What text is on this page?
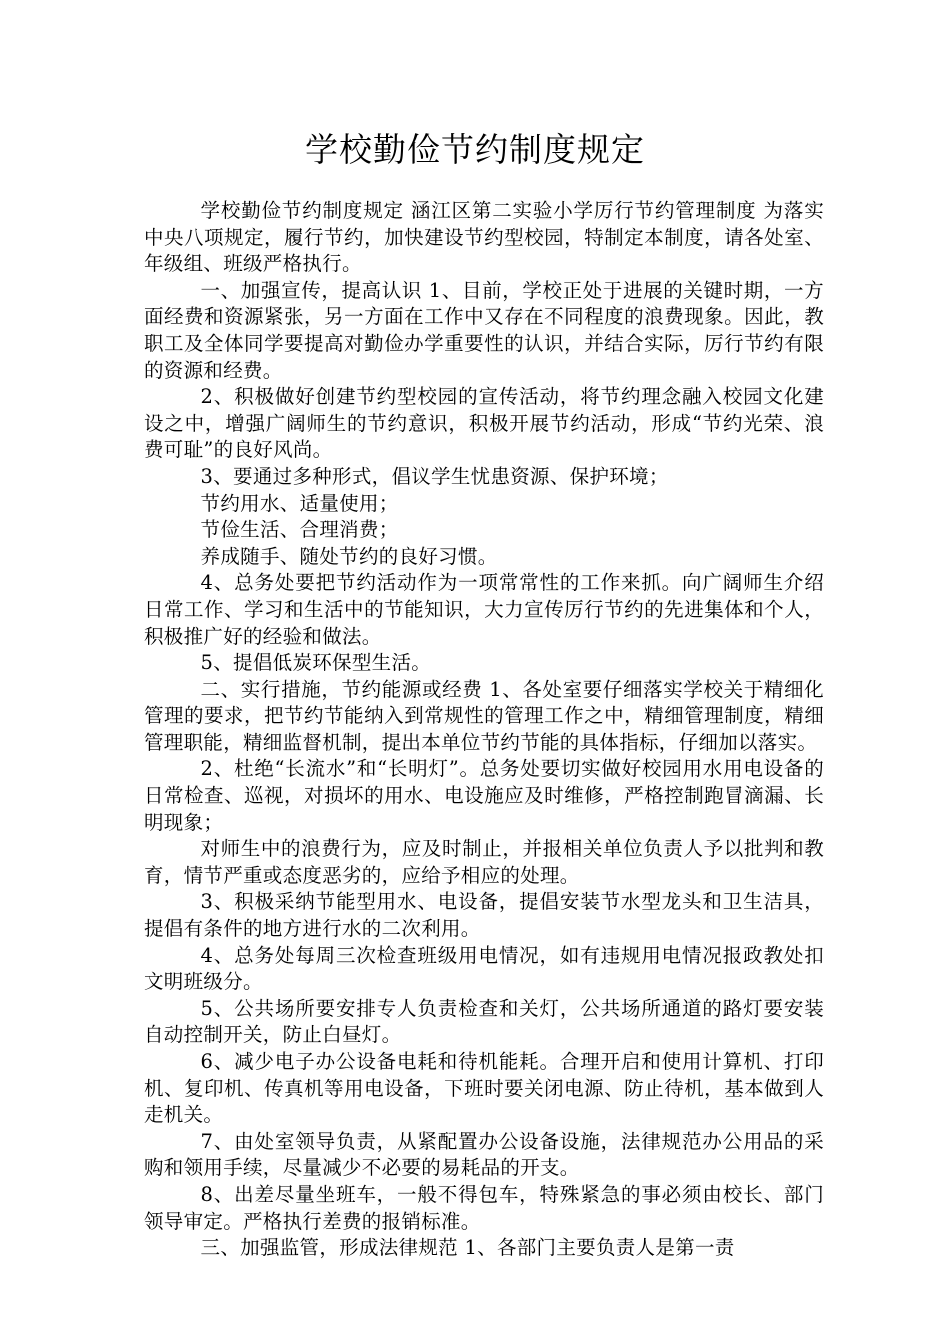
学校勤俭节约制度规定

学校勤俭节约制度规定 涵江区第二实验小学厉行节约管理制度 为落实中央八项规定，履行节约，加快建设节约型校园，特制定本制度，请各处室、年级组、班级严格执行。

一、加强宣传，提高认识 1、目前，学校正处于进展的关键时期，一方面经费和资源紧张，另一方面在工作中又存在不同程度的浪费现象。因此，教职工及全体同学要提高对勤俭办学重要性的认识，并结合实际，厉行节约有限的资源和经费。

2、积极做好创建节约型校园的宣传活动，将节约理念融入校园文化建设之中，增强广阔师生的节约意识，积极开展节约活动，形成“节约光荣、浪费可耻”的良好风尚。

3、要通过多种形式，倡议学生忧患资源、保护环境；

节约用水、适量使用；

节俭生活、合理消费；

养成随手、随处节约的良好习惯。

4、总务处要把节约活动作为一项常常性的工作来抓。向广阔师生介绍日常工作、学习和生活中的节能知识，大力宣传厉行节约的先进集体和个人，积极推广好的经验和做法。

5、提倡低炭环保型生活。

二、实行措施，节约能源或经费 1、各处室要仔细落实学校关于精细化管理的要求，把节约节能纳入到常规性的管理工作之中，精细管理制度，精细管理职能，精细监督机制，提出本单位节约节能的具体指标，仔细加以落实。

2、杜绝“长流水”和“长明灯”。总务处要切实做好校园用水用电设备的日常检查、巡视，对损坏的用水、电设施应及时维修，严格控制跑冒滴漏、长明现象；

对师生中的浪费行为，应及时制止，并报相关单位负责人予以批判和教育，情节严重或态度恶劣的，应给予相应的处理。

3、积极采纳节能型用水、电设备，提倡安装节水型龙头和卫生洁具，提倡有条件的地方进行水的二次利用。

4、总务处每周三次检查班级用电情况，如有违规用电情况报政教处扣文明班级分。

5、公共场所要安排专人负责检查和关灯，公共场所通道的路灯要安装自动控制开关，防止白昼灯。

6、减少电子办公设备电耗和待机能耗。合理开启和使用计算机、打印机、复印机、传真机等用电设备，下班时要关闭电源、防止待机，基本做到人走机关。

7、由处室领导负责，从紧配置办公设备设施，法律规范办公用品的采购和领用手续，尽量减少不必要的易耗品的开支。

8、出差尽量坐班车，一般不得包车，特殊紧急的事必须由校长、部门领导审定。严格执行差费的报销标准。

三、加强监管，形成法律规范 1、各部门主要负责人是第一责
